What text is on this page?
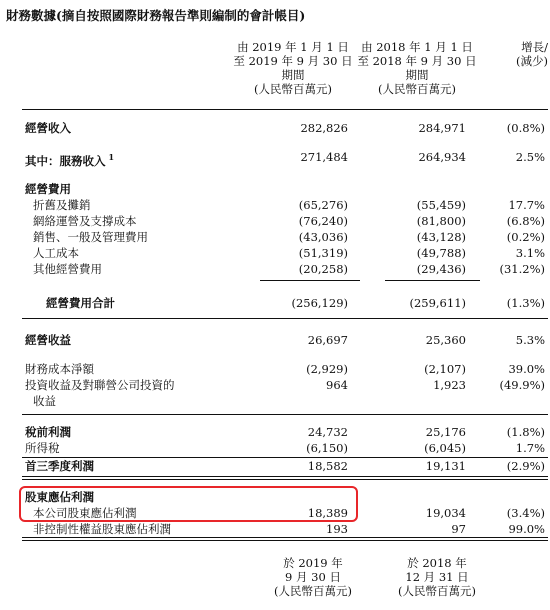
財務數據(摘自按照國際財務報告準則編制的會計帳目)
由 2019 年 1 月 1 日
至 2019 年 9 月 30 日
期間
(人民幣百萬元)
由 2018 年 1 月 1 日
至 2018 年 9 月 30 日
期間
(人民幣百萬元)
增長/
(減少)
經營收入	282,826	284,971	(0.8%)
其中：服務收入 $^1$	271,484	264,934	2.5%
經營費用
折舊及攤銷	(65,276)	(55,459)	17.7%
網絡運營及支撐成本	(76,240)	(81,800)	(6.8%)
銷售、一般及管理費用	(43,036)	(43,128)	(0.2%)
人工成本	(51,319)	(49,788)	3.1%
其他經營費用	(20,258)	(29,436)	(31.2%)
經營費用合計	(256,129)	(259,611)	(1.3%)
經營收益	26,697	25,360	5.3%
財務成本淨額	(2,929)	(2,107)	39.0%
投資收益及對聯營公司投資的	964	1,923	(49.9%)
收益
稅前利潤	24,732	25,176	(1.8%)
所得稅	(6,150)	(6,045)	1.7%
首三季度利潤	18,582	19,131	(2.9%)
股東應佔利潤
本公司股東應佔利潤	18,389	19,034	(3.4%)
非控制性權益股東應佔利潤	193	97	99.0%
於 2019 年
9 月 30 日
(人民幣百萬元)
於 2018 年
12 月 31 日
(人民幣百萬元)
